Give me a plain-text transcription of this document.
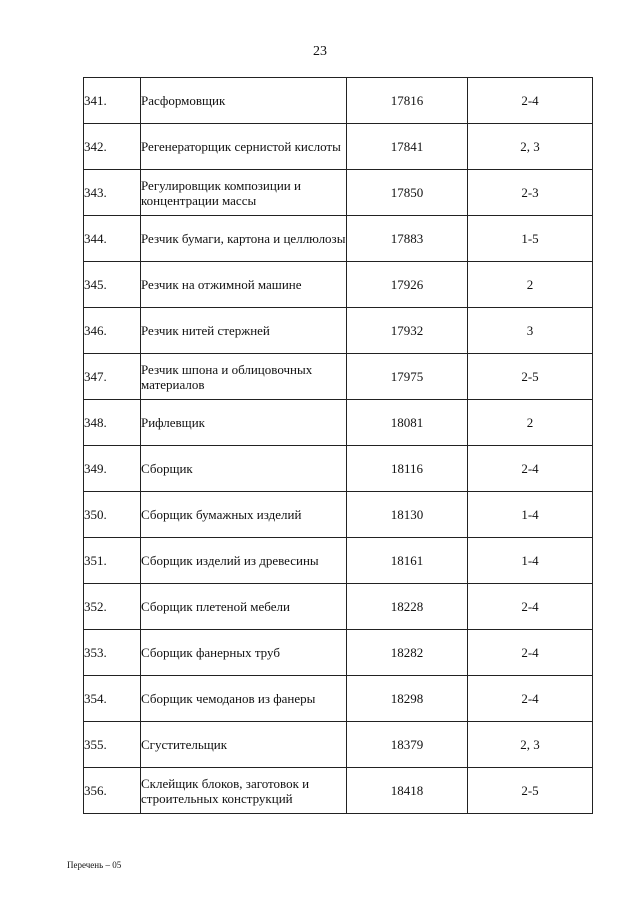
23
341.	Расформовщик	17816	2-4
342.	Регенераторщик сернистой кислоты	17841	2, 3
343.	Регулировщик композиции и концентрации массы	17850	2-3
344.	Резчик бумаги, картона и целлюлозы	17883	1-5
345.	Резчик на отжимной машине	17926	2
346.	Резчик нитей стержней	17932	3
347.	Резчик шпона и облицовочных материалов	17975	2-5
348.	Рифлевщик	18081	2
349.	Сборщик	18116	2-4
350.	Сборщик бумажных изделий	18130	1-4
351.	Сборщик изделий из древесины	18161	1-4
352.	Сборщик плетеной мебели	18228	2-4
353.	Сборщик фанерных труб	18282	2-4
354.	Сборщик чемоданов из фанеры	18298	2-4
355.	Сгустительщик	18379	2, 3
356.	Склейщик блоков, заготовок и строительных конструкций	18418	2-5
Перечень – 05
